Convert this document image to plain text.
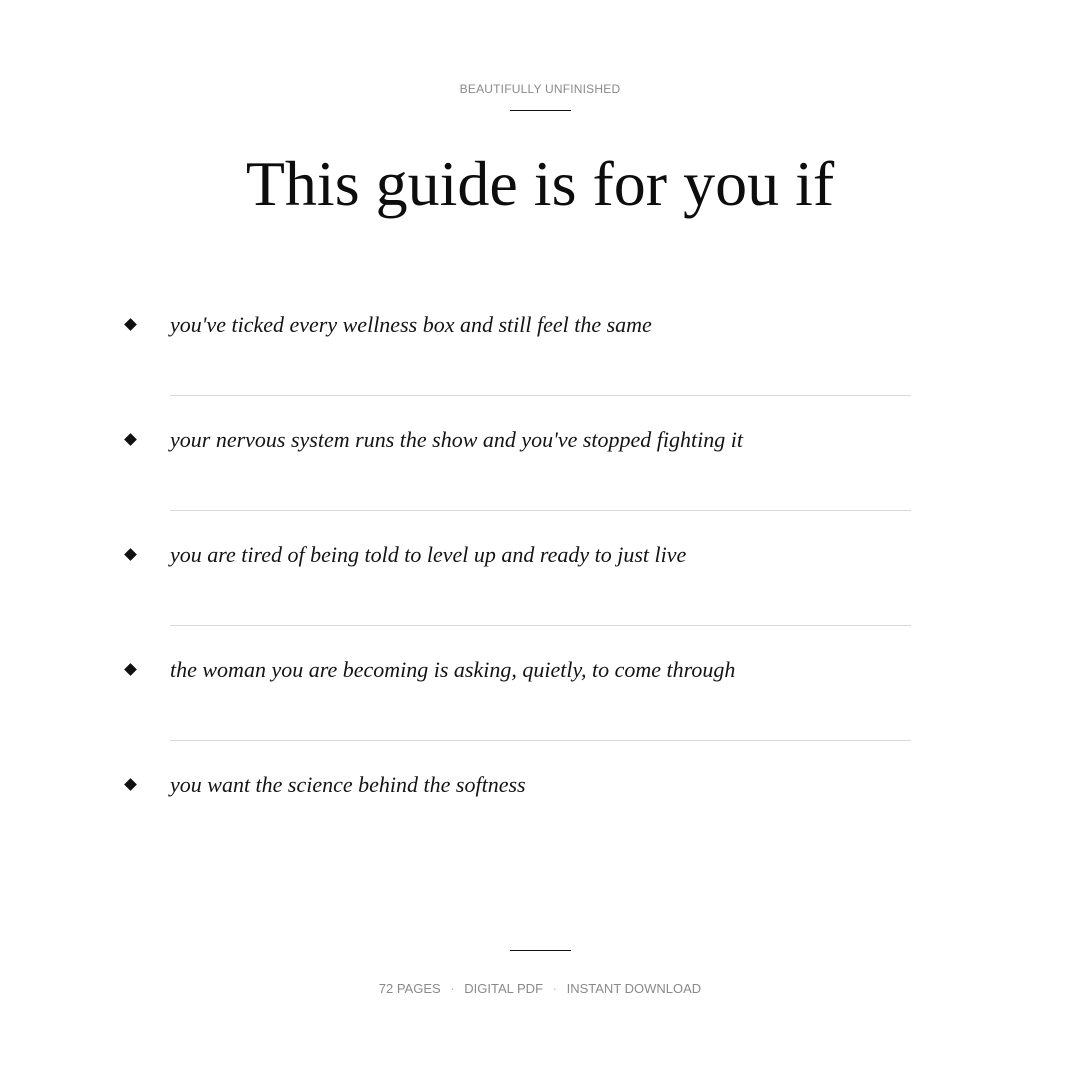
BEAUTIFULLY UNFINISHED
This guide is for you if
you've ticked every wellness box and still feel the same
your nervous system runs the show and you've stopped fighting it
you are tired of being told to level up and ready to just live
the woman you are becoming is asking, quietly, to come through
you want the science behind the softness
72 PAGES · DIGITAL PDF · INSTANT DOWNLOAD
